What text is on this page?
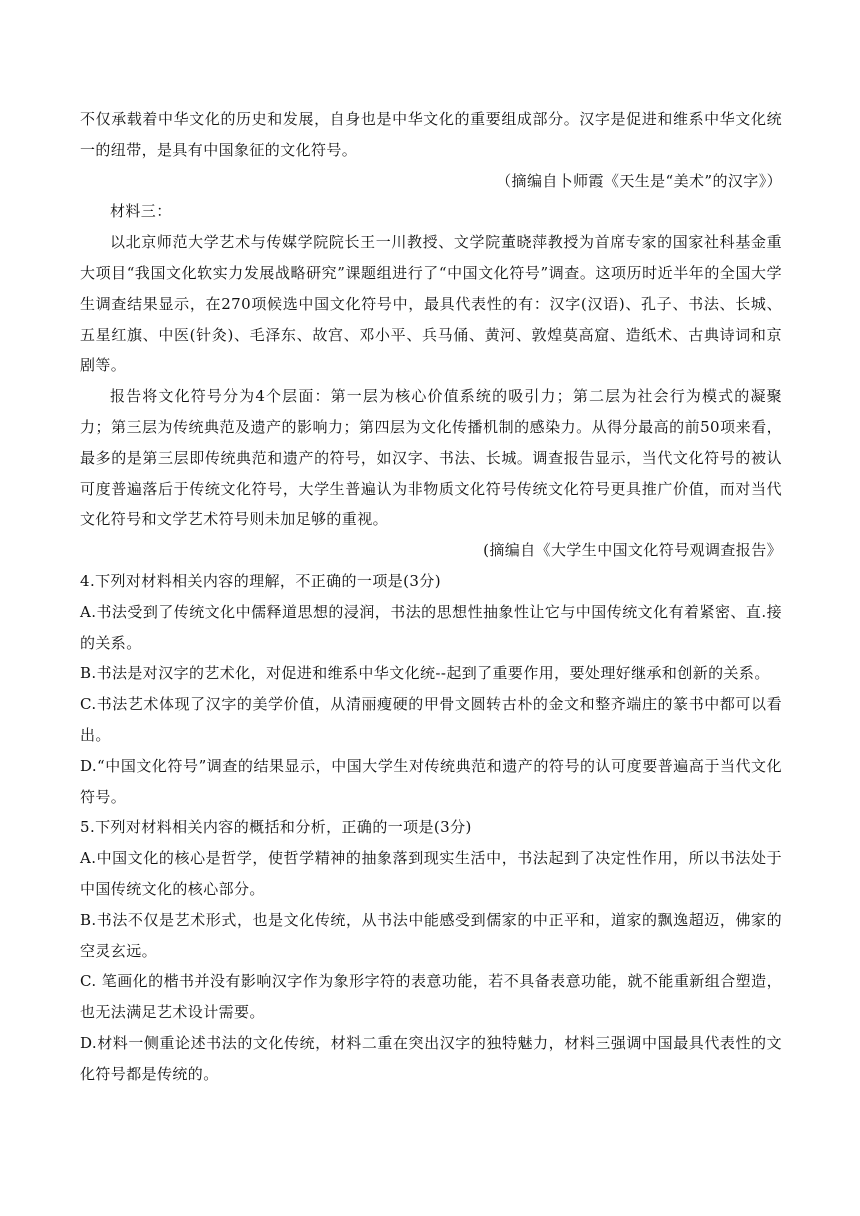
不仅承载着中华文化的历史和发展，自身也是中华文化的重要组成部分。汉字是促进和维系中华文化统一的纽带，是具有中国象征的文化符号。

（摘编自卜师霞《天生是“美术”的汉字》）

材料三：

以北京师范大学艺术与传媒学院院长王一川教授、文学院董晓萍教授为首席专家的国家社科基金重大项目“我国文化软实力发展战略研究”课题组进行了“中国文化符号”调查。这项历时近半年的全国大学生调查结果显示，在270项候选中国文化符号中，最具代表性的有：汉字(汉语)、孔子、书法、长城、五星红旗、中医(针灸)、毛泽东、故宫、邓小平、兵马俑、黄河、敦煌莫高窟、造纸术、古典诗词和京剧等。

报告将文化符号分为4个层面：第一层为核心价值系统的吸引力；第二层为社会行为模式的凝聚力；第三层为传统典范及遗产的影响力；第四层为文化传播机制的感染力。从得分最高的前50项来看，最多的是第三层即传统典范和遗产的符号，如汉字、书法、长城。调查报告显示，当代文化符号的被认可度普遍落后于传统文化符号，大学生普遍认为非物质文化符号传统文化符号更具推广价值，而对当代文化符号和文学艺术符号则未加足够的重视。

(摘编自《大学生中国文化符号观调查报告》

4.下列对材料相关内容的理解，不正确的一项是(3分)

A.书法受到了传统文化中儒释道思想的浸润，书法的思想性抽象性让它与中国传统文化有着紧密、直.接的关系。

B.书法是对汉字的艺术化，对促进和维系中华文化统--起到了重要作用，要处理好继承和创新的关系。

C.书法艺术体现了汉字的美学价值，从清丽瘦硬的甲骨文圆转古朴的金文和整齐端庄的篆书中都可以看出。

D.“中国文化符号”调查的结果显示，中国大学生对传统典范和遗产的符号的认可度要普遍高于当代文化符号。

5.下列对材料相关内容的概括和分析，正确的一项是(3分)

A.中国文化的核心是哲学，使哲学精神的抽象落到现实生活中，书法起到了决定性作用，所以书法处于中国传统文化的核心部分。

B.书法不仅是艺术形式，也是文化传统，从书法中能感受到儒家的中正平和，道家的飘逸超迈，佛家的空灵玄远。

C. 笔画化的楷书并没有影响汉字作为象形字符的表意功能，若不具备表意功能，就不能重新组合塑造，也无法满足艺术设计需要。

D.材料一侧重论述书法的文化传统，材料二重在突出汉字的独特魅力，材料三强调中国最具代表性的文化符号都是传统的。
